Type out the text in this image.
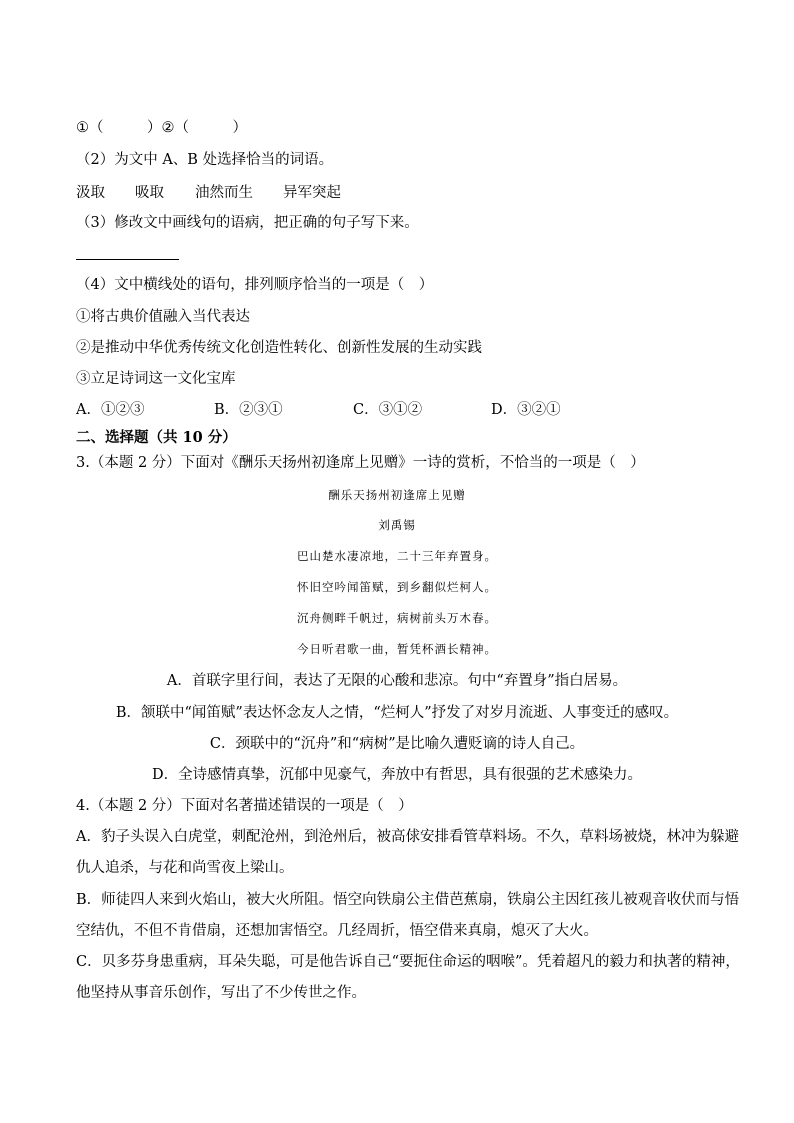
①（　　　）②（　　　）
（2）为文中 A、B 处选择恰当的词语。
汲取 吸取 油然而生 异军突起
（3）修改文中画线句的语病，把正确的句子写下来。
（4）文中横线处的语句，排列顺序恰当的一项是（　）
①将古典价值融入当代表达
②是推动中华优秀传统文化创造性转化、创新性发展的生动实践
③立足诗词这一文化宝库
A．①②③	B．②③①	C．③①②	D．③②①
二、选择题（共 10 分）
3.（本题 2 分）下面对《酬乐天扬州初逢席上见赠》一诗的赏析，不恰当的一项是（　）
酬乐天扬州初逢席上见赠
刘禹锡
巴山楚水凄凉地，二十三年弃置身。
怀旧空吟闻笛赋，到乡翻似烂柯人。
沉舟侧畔千帆过，病树前头万木春。
今日听君歌一曲，暂凭杯酒长精神。
A．首联字里行间，表达了无限的心酸和悲凉。句中“弃置身”指白居易。
B．颔联中“闻笛赋”表达怀念友人之情，“烂柯人”抒发了对岁月流逝、人事变迁的感叹。
C．颈联中的“沉舟”和“病树”是比喻久遭贬谪的诗人自己。
D．全诗感情真挚，沉郁中见豪气，奔放中有哲思，具有很强的艺术感染力。
4.（本题 2 分）下面对名著描述错误的一项是（　）
A．豹子头误入白虎堂，刺配沧州，到沧州后，被高俅安排看管草料场。不久，草料场被烧，林冲为躲避
仇人追杀，与花和尚雪夜上梁山。
B．师徒四人来到火焰山，被大火所阻。悟空向铁扇公主借芭蕉扇，铁扇公主因红孩儿被观音收伏而与悟
空结仇，不但不肯借扇，还想加害悟空。几经周折，悟空借来真扇，熄灭了大火。
C．贝多芬身患重病，耳朵失聪，可是他告诉自己“要扼住命运的咽喉”。凭着超凡的毅力和执著的精神，
他坚持从事音乐创作，写出了不少传世之作。
